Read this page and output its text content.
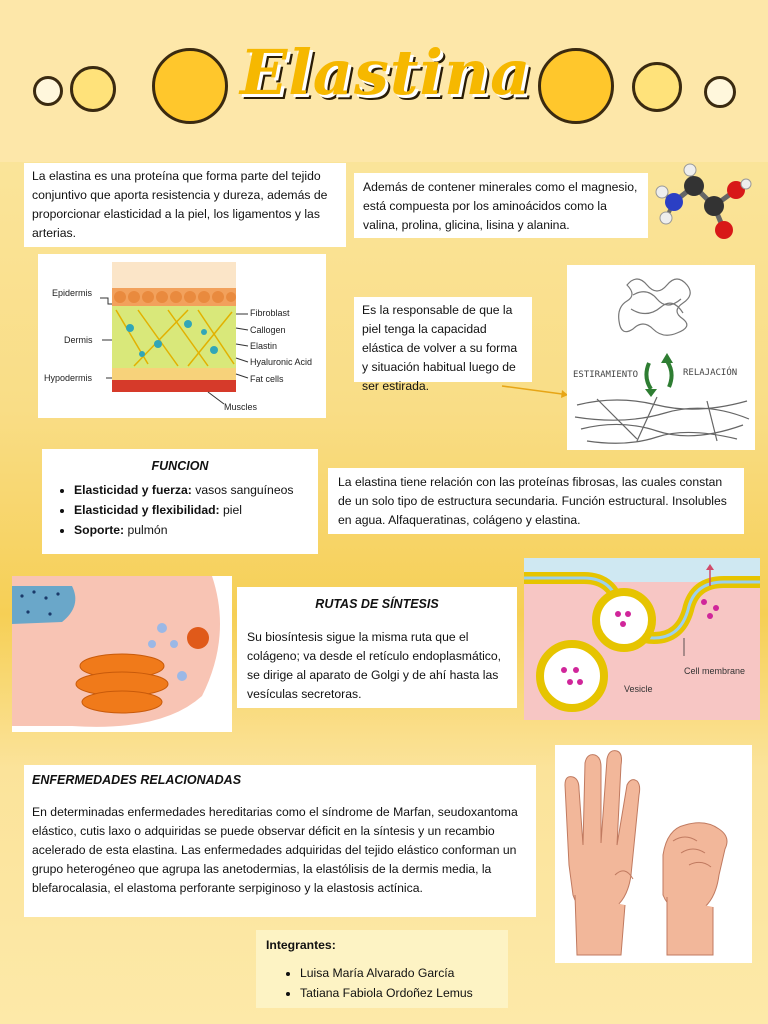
Elastina

La elastina es una proteína que forma parte del tejido conjuntivo que aporta resistencia y dureza, además de proporcionar elasticidad a la piel, los ligamentos y las arterias.

Además de contener minerales como el magnesio, está compuesta por los aminoácidos como la valina, prolina, glicina, lisina y alanina.

Epidermis
Dermis
Hypodermis
Fibroblast
Callogen
Elastin
Hyaluronic Acid
Fat cells
Muscles

Es la responsable de que la piel tenga la capacidad elástica de volver a su forma y situación habitual luego de ser estirada.

ESTIRAMIENTO	RELAJACIÓN
FUNCION
• Elasticidad y fuerza: vasos sanguíneos
• Elasticidad y flexibilidad: piel
• Soporte: pulmón

La elastina tiene relación con las proteínas fibrosas, las cuales constan de un solo tipo de estructura secundaria. Función estructural. Insolubles en agua. Alfaqueratinas, colágeno y elastina.

RUTAS DE SÍNTESIS

Su biosíntesis sigue la misma ruta que el colágeno; va desde el retículo endoplasmático, se dirige al aparato de Golgi y de ahí hasta las vesículas secretoras.

Cell membrane
Vesicle
ENFERMEDADES RELACIONADAS

En determinadas enfermedades hereditarias como el síndrome de Marfan, seudoxantoma elástico, cutis laxo o adquiridas se puede observar déficit en la síntesis y un recambio acelerado de esta elastina. Las enfermedades adquiridas del tejido elástico conforman un grupo heterogéneo que agrupa las anetodermias, la elastólisis de la dermis media, la blefarocalasia, el elastoma perforante serpiginoso y la elastosis actínica.

Integrantes:
• Luisa María Alvarado García
• Tatiana Fabiola Ordoñez Lemus
